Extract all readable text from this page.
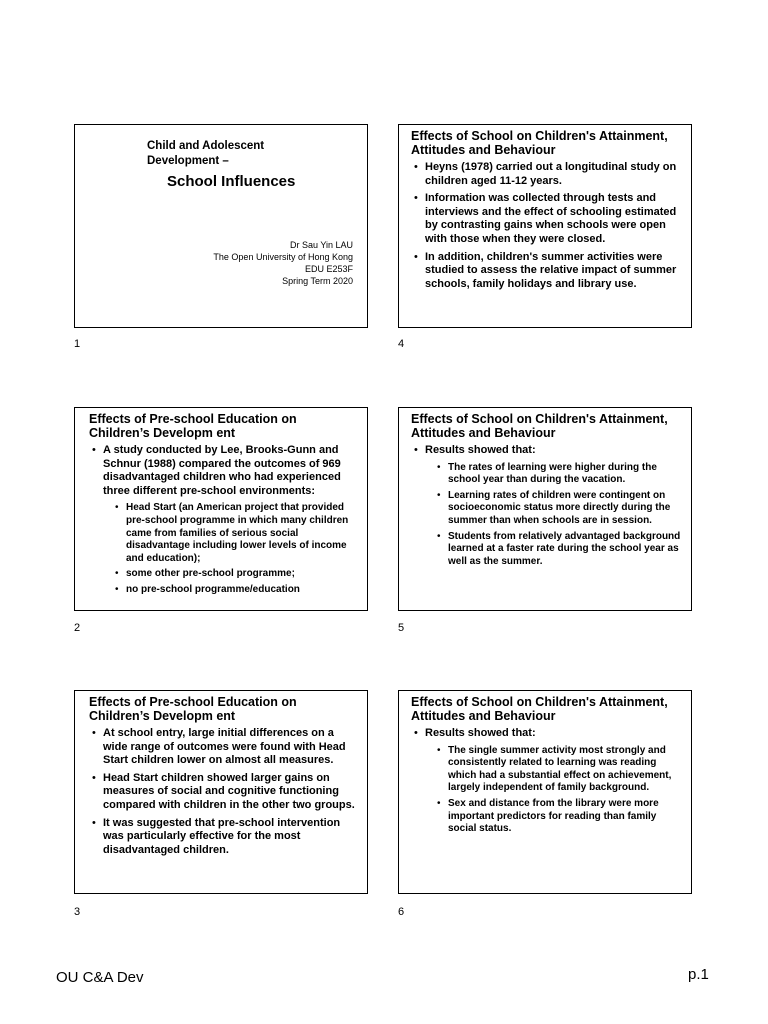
Child and Adolescent
Development –
School Influences
Dr Sau Yin LAU
The Open University of Hong Kong
EDU E253F
Spring Term 2020
1
Effects of School on Children's Attainment, Attitudes and Behaviour
• Heyns (1978) carried out a longitudinal study on children aged 11-12 years.
• Information was collected through tests and interviews and the effect of schooling estimated by contrasting gains when schools were open with those when they were closed.
• In addition, children's summer activities were studied to assess the relative impact of summer schools, family holidays and library use.
4
Effects of Pre-school Education on Children’s Developm ent
• A study conducted by Lee, Brooks-Gunn and Schnur (1988) compared the outcomes of 969 disadvantaged children who had experienced three different pre-school environments:
• Head Start (an American project that provided pre-school programme in which many children came from families of serious social disadvantage including lower levels of income and education);
• some other pre-school programme;
• no pre-school programme/education
2
Effects of School on Children's Attainment, Attitudes and Behaviour
• Results showed that:
• The rates of learning were higher during the school year than during the vacation.
• Learning rates of children were contingent on socioeconomic status more directly during the summer than when schools are in session.
• Students from relatively advantaged background learned at a faster rate during the school year as well as the summer.
5
Effects of Pre-school Education on Children’s Developm ent
• At school entry, large initial differences on a wide range of outcomes were found with Head Start children lower on almost all measures.
• Head Start children showed larger gains on measures of social and cognitive functioning compared with children in the other two groups.
• It was suggested that pre-school intervention was particularly effective for the most disadvantaged children.
3
Effects of School on Children's Attainment, Attitudes and Behaviour
• Results showed that:
• The single summer activity most strongly and consistently related to learning was reading which had a substantial effect on achievement, largely independent of family background.
• Sex and distance from the library were more important predictors for reading than family social status.
6
OU C&A Dev	p.1
